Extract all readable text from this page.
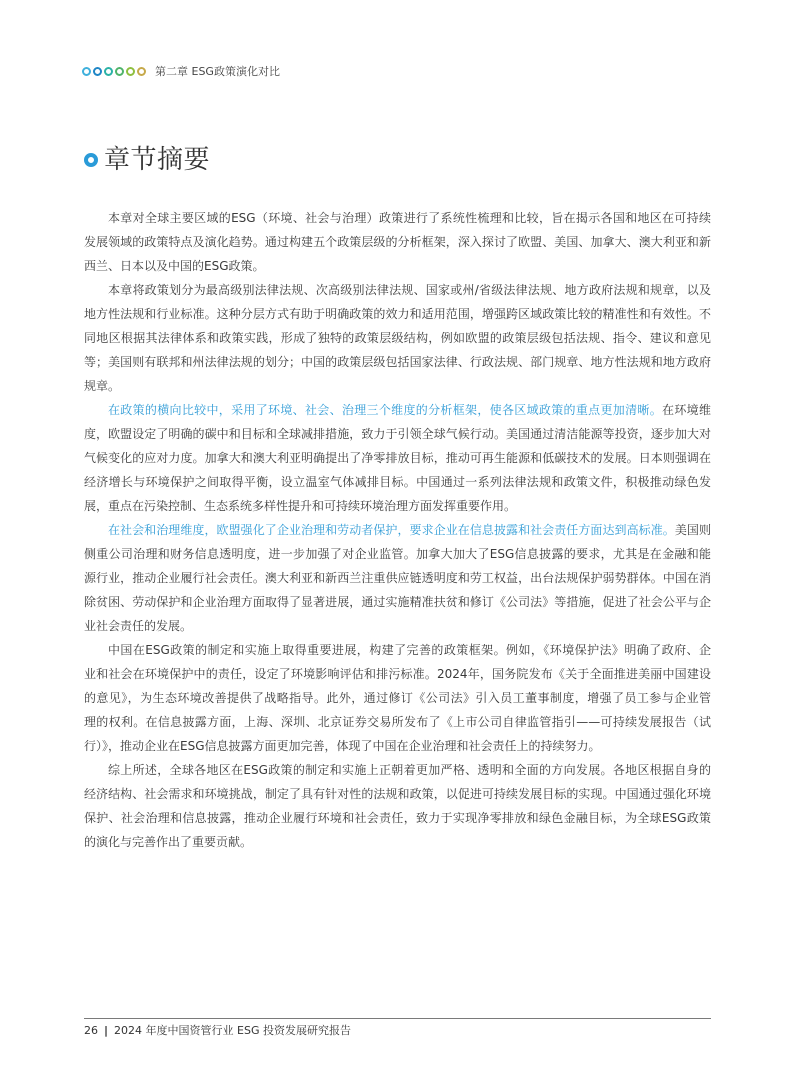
第二章 ESG政策演化对比
章节摘要
本章对全球主要区域的ESG（环境、社会与治理）政策进行了系统性梳理和比较，旨在揭示各国和地区在可持续
发展领域的政策特点及演化趋势。通过构建五个政策层级的分析框架，深入探讨了欧盟、美国、加拿大、澳大利亚和新
西兰、日本以及中国的ESG政策。
本章将政策划分为最高级别法律法规、次高级别法律法规、国家或州/省级法律法规、地方政府法规和规章，以及
地方性法规和行业标准。这种分层方式有助于明确政策的效力和适用范围，增强跨区域政策比较的精准性和有效性。不
同地区根据其法律体系和政策实践，形成了独特的政策层级结构，例如欧盟的政策层级包括法规、指令、建议和意见
等；美国则有联邦和州法律法规的划分；中国的政策层级包括国家法律、行政法规、部门规章、地方性法规和地方政府
规章。
在政策的横向比较中，采用了环境、社会、治理三个维度的分析框架，使各区域政策的重点更加清晰。在环境维
度，欧盟设定了明确的碳中和目标和全球减排措施，致力于引领全球气候行动。美国通过清洁能源等投资，逐步加大对
气候变化的应对力度。加拿大和澳大利亚明确提出了净零排放目标，推动可再生能源和低碳技术的发展。日本则强调在
经济增长与环境保护之间取得平衡，设立温室气体减排目标。中国通过一系列法律法规和政策文件，积极推动绿色发
展，重点在污染控制、生态系统多样性提升和可持续环境治理方面发挥重要作用。
在社会和治理维度，欧盟强化了企业治理和劳动者保护，要求企业在信息披露和社会责任方面达到高标准。美国则
侧重公司治理和财务信息透明度，进一步加强了对企业监管。加拿大加大了ESG信息披露的要求，尤其是在金融和能
源行业，推动企业履行社会责任。澳大利亚和新西兰注重供应链透明度和劳工权益，出台法规保护弱势群体。中国在消
除贫困、劳动保护和企业治理方面取得了显著进展，通过实施精准扶贫和修订《公司法》等措施，促进了社会公平与企
业社会责任的发展。
中国在ESG政策的制定和实施上取得重要进展，构建了完善的政策框架。例如，《环境保护法》明确了政府、企
业和社会在环境保护中的责任，设定了环境影响评估和排污标准。2024年，国务院发布《关于全面推进美丽中国建设
的意见》，为生态环境改善提供了战略指导。此外，通过修订《公司法》引入员工董事制度，增强了员工参与企业管
理的权利。在信息披露方面，上海、深圳、北京证券交易所发布了《上市公司自律监管指引——可持续发展报告（试
行）》，推动企业在ESG信息披露方面更加完善，体现了中国在企业治理和社会责任上的持续努力。
综上所述，全球各地区在ESG政策的制定和实施上正朝着更加严格、透明和全面的方向发展。各地区根据自身的
经济结构、社会需求和环境挑战，制定了具有针对性的法规和政策，以促进可持续发展目标的实现。中国通过强化环境
保护、社会治理和信息披露，推动企业履行环境和社会责任，致力于实现净零排放和绿色金融目标，为全球ESG政策
的演化与完善作出了重要贡献。
26 | 2024 年度中国资管行业 ESG 投资发展研究报告
